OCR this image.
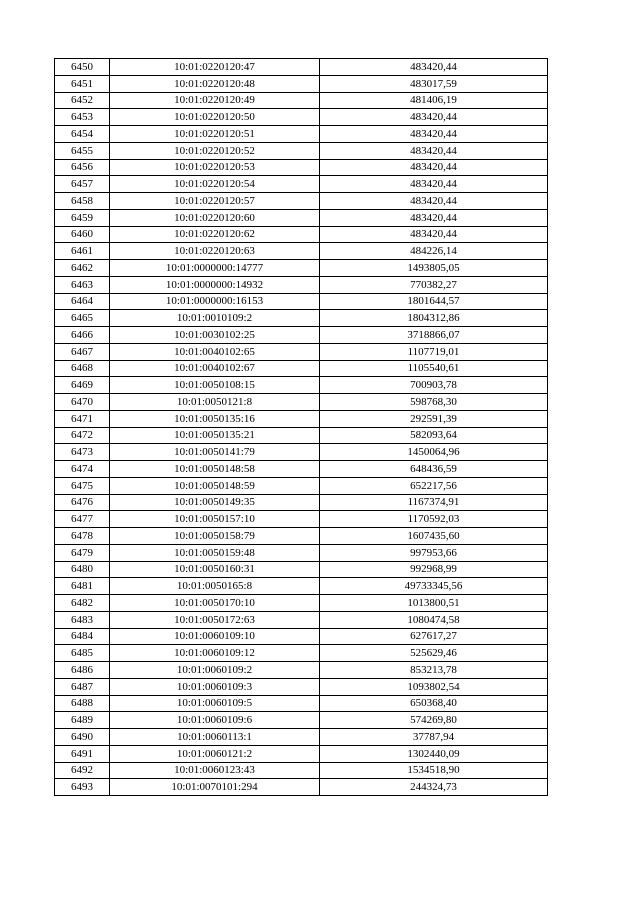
6450	10:01:0220120:47	483420,44
6451	10:01:0220120:48	483017,59
6452	10:01:0220120:49	481406,19
6453	10:01:0220120:50	483420,44
6454	10:01:0220120:51	483420,44
6455	10:01:0220120:52	483420,44
6456	10:01:0220120:53	483420,44
6457	10:01:0220120:54	483420,44
6458	10:01:0220120:57	483420,44
6459	10:01:0220120:60	483420,44
6460	10:01:0220120:62	483420,44
6461	10:01:0220120:63	484226,14
6462	10:01:0000000:14777	1493805,05
6463	10:01:0000000:14932	770382,27
6464	10:01:0000000:16153	1801644,57
6465	10:01:0010109:2	1804312,86
6466	10:01:0030102:25	3718866,07
6467	10:01:0040102:65	1107719,01
6468	10:01:0040102:67	1105540,61
6469	10:01:0050108:15	700903,78
6470	10:01:0050121:8	598768,30
6471	10:01:0050135:16	292591,39
6472	10:01:0050135:21	582093,64
6473	10:01:0050141:79	1450064,96
6474	10:01:0050148:58	648436,59
6475	10:01:0050148:59	652217,56
6476	10:01:0050149:35	1167374,91
6477	10:01:0050157:10	1170592,03
6478	10:01:0050158:79	1607435,60
6479	10:01:0050159:48	997953,66
6480	10:01:0050160:31	992968,99
6481	10:01:0050165:8	49733345,56
6482	10:01:0050170:10	1013800,51
6483	10:01:0050172:63	1080474,58
6484	10:01:0060109:10	627617,27
6485	10:01:0060109:12	525629,46
6486	10:01:0060109:2	853213,78
6487	10:01:0060109:3	1093802,54
6488	10:01:0060109:5	650368,40
6489	10:01:0060109:6	574269,80
6490	10:01:0060113:1	37787,94
6491	10:01:0060121:2	1302440,09
6492	10:01:0060123:43	1534518,90
6493	10:01:0070101:294	244324,73
